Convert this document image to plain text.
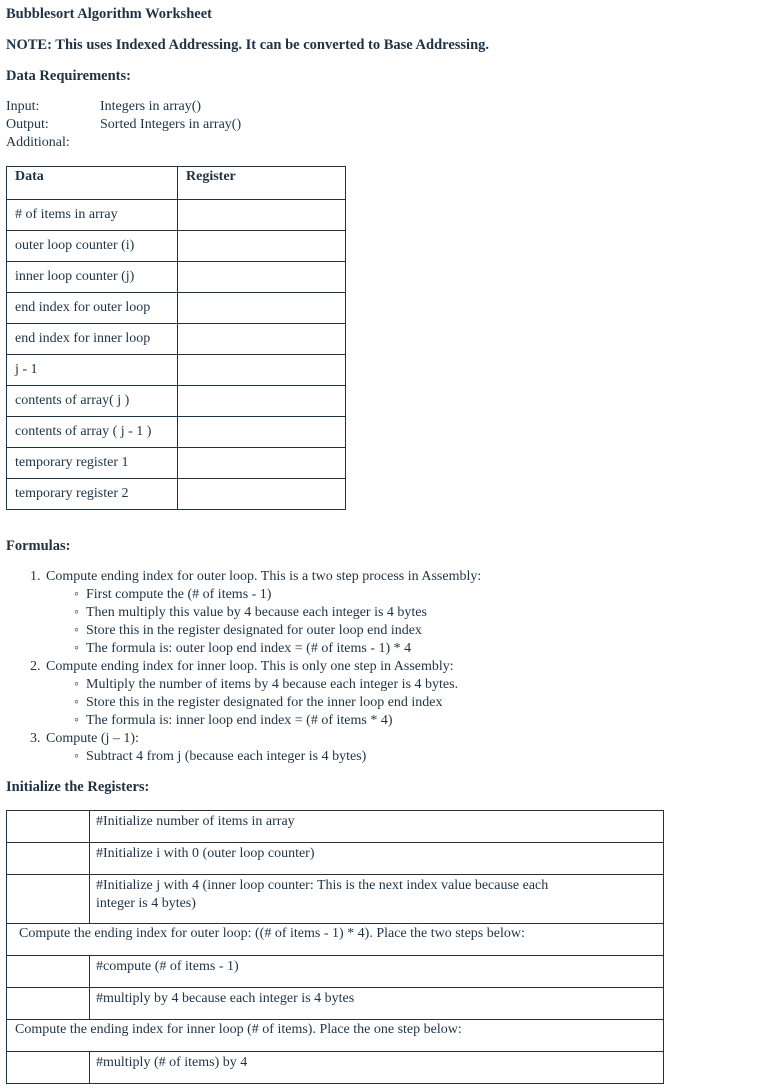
Bubblesort Algorithm Worksheet
NOTE: This uses Indexed Addressing. It can be converted to Base Addressing.
Data Requirements:
Input:	Integers in array()
Output:	Sorted Integers in array()
Additional:
Data	Register
# of items in array	
outer loop counter (i)	
inner loop counter (j)	
end index for outer loop	
end index for inner loop	
j - 1	
contents of array( j )	
contents of array ( j - 1 )	
temporary register 1	
temporary register 2	
Formulas:
1. Compute ending index for outer loop. This is a two step process in Assembly:
◦ First compute the (# of items - 1)
◦ Then multiply this value by 4 because each integer is 4 bytes
◦ Store this in the register designated for outer loop end index
◦ The formula is: outer loop end index = (# of items - 1) * 4
2. Compute ending index for inner loop. This is only one step in Assembly:
◦ Multiply the number of items by 4 because each integer is 4 bytes.
◦ Store this in the register designated for the inner loop end index
◦ The formula is: inner loop end index = (# of items * 4)
3. Compute (j – 1):
◦ Subtract 4 from j (because each integer is 4 bytes)
Initialize the Registers:
	#Initialize number of items in array
	#Initialize i with 0 (outer loop counter)

	#Initialize j with 4 (inner loop counter: This is the next index value because each
integer is 4 bytes)

Compute the ending index for outer loop: ((# of items - 1) * 4). Place the two steps below:	
	#compute (# of items - 1)
	#multiply by 4 because each integer is 4 bytes
Compute the ending index for inner loop (# of items). Place the one step below:	
	#multiply (# of items) by 4
